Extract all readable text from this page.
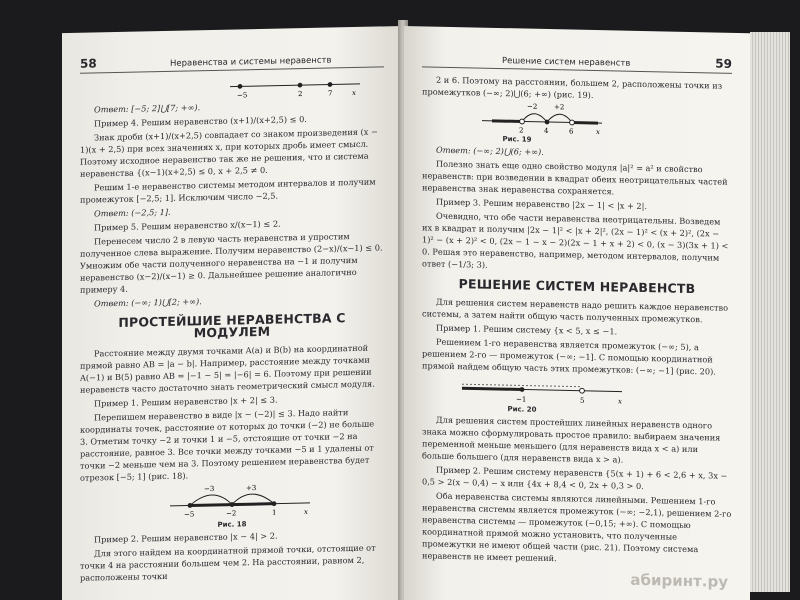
58	Неравенства и системы неравенств
−5	2	7	x

Ответ: [−5; 2]⋃[7; +∞).

Пример 4. Решим неравенство (x+1)/(x+2,5) ≤ 0.

Знак дроби (x+1)/(x+2,5) совпадает со знаком произведения (x − 1)(x + 2,5) при всех значениях x, при которых дробь имеет смысл. Поэтому исходное неравенство так же не решения, что и система неравенства {(x−1)(x+2,5) ≤ 0, x + 2,5 ≠ 0.

Решим 1-е неравенство системы методом интервалов и получим промежуток [−2,5; 1]. Исключим число −2,5.

Ответ: (−2,5; 1].

Пример 5. Решим неравенство x/(x−1) ≤ 2.

Перенесем число 2 в левую часть неравенства и упростим полученное слева выражение. Получим неравенство (2−x)/(x−1) ≤ 0. Умножим обе части полученного неравенства на −1 и получим неравенство (x−2)/(x−1) ≥ 0. Дальнейшее решение аналогично примеру 4.

Ответ: (−∞; 1)⋃[2; +∞).

ПРОСТЕЙШИЕ НЕРАВЕНСТВА С МОДУЛЕМ

Расстояние между двумя точками A(a) и B(b) на координатной прямой равно AB = |a − b|. Например, расстояние между точками A(−1) и B(5) равно AB = |−1 − 5| = |−6| = 6. Поэтому при решении неравенств часто достаточно знать геометрический смысл модуля.

Пример 1. Решим неравенство |x + 2| ≤ 3.

Перепишем неравенство в виде |x − (−2)| ≤ 3. Надо найти координаты точек, расстояние от которых до точки (−2) не больше 3. Отметим точку −2 и точки 1 и −5, отстоящие от точки −2 на расстояние, равное 3. Все точки между точками −5 и 1 удалены от точки −2 меньше чем на 3. Поэтому решением неравенства будет отрезок [−5; 1] (рис. 18).

−3	+3
−5	−2	1	x
Рис. 18

Пример 2. Решим неравенство |x − 4| > 2.

Для этого найдем на координатной прямой точки, отстоящие от точки 4 на расстоянии большем чем 2. На расстоянии, равном 2, расположены точки

Решение систем неравенств	59

2 и 6. Поэтому на расстоянии, большем 2, расположены точки из промежутков (−∞; 2)⋃(6; +∞) (рис. 19).

−2 +2
2	4	6	x
Рис. 19

Ответ: (−∞; 2)⋃(6; +∞).

Полезно знать еще одно свойство модуля |a|² = a² и свойство неравенств: при возведении в квадрат обеих неотрицательных частей неравенства знак неравенства сохраняется.

Пример 3. Решим неравенство |2x − 1| < |x + 2|.

Очевидно, что обе части неравенства неотрицательны. Возведем их в квадрат и получим |2x − 1|² < |x + 2|², (2x − 1)² < (x + 2)², (2x − 1)² − (x + 2)² < 0, (2x − 1 − x − 2)(2x − 1 + x + 2) < 0, (x − 3)(3x + 1) < 0. Решая это неравенство, например, методом интервалов, получим ответ (−1/3; 3).

РЕШЕНИЕ СИСТЕМ НЕРАВЕНСТВ

Для решения систем неравенств надо решить каждое неравенство системы, а затем найти общую часть полученных промежутков.

Пример 1. Решим систему {x < 5, x ≤ −1.

Решением 1-го неравенства является промежуток (−∞; 5), а решением 2-го — промежуток (−∞; −1]. С помощью координатной прямой найдем общую часть этих промежутков: (−∞; −1] (рис. 20).

−1	5	x
Рис. 20

Для решения систем простейших линейных неравенств одного знака можно сформулировать простое правило: выбираем значения переменной меньше меньшего (для неравенств вида x < a) или больше большего (для неравенств вида x > a).

Пример 2. Решим систему неравенств {5(x + 1) + 6 < 2,6 + x, 3x − 0,5 > 2(x − 0,4) − x или {4x + 8,4 < 0, 2x + 0,3 > 0.

Оба неравенства системы являются линейными. Решением 1-го неравенства системы является промежуток (−∞; −2,1), решением 2-го неравенства системы — промежуток (−0,15; +∞). С помощью координатной прямой можно установить, что полученные промежутки не имеют общей части (рис. 21). Поэтому система неравенств не имеет решений.

абиринт.ру
